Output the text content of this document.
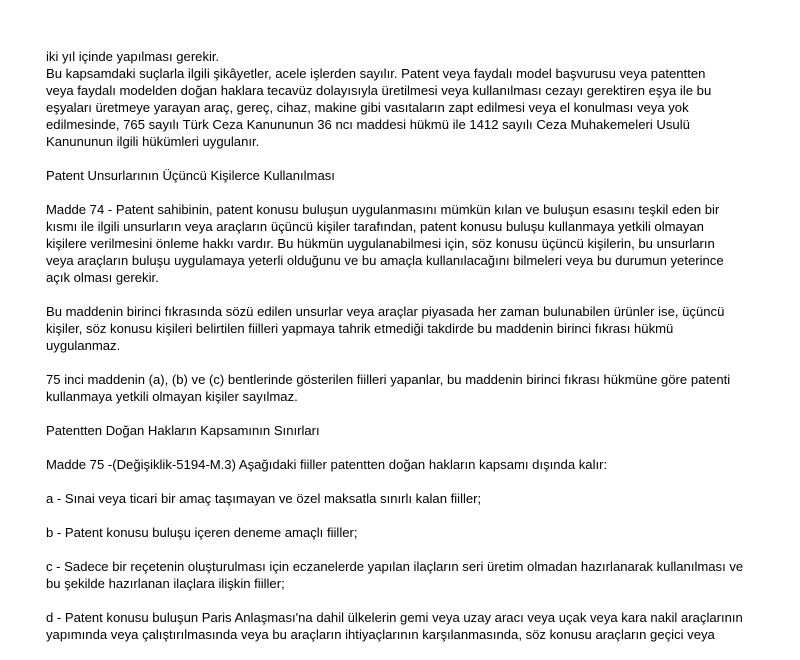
iki yıl içinde yapılması gerekir.
Bu kapsamdaki suçlarla ilgili şikâyetler, acele işlerden sayılır. Patent veya faydalı model başvurusu veya patentten
veya faydalı modelden doğan haklara tecavüz dolayısıyla üretilmesi veya kullanılması cezayı gerektiren eşya ile bu
eşyaları üretmeye yarayan araç, gereç, cihaz, makine gibi vasıtaların zapt edilmesi veya el konulması veya yok
edilmesinde, 765 sayılı Türk Ceza Kanununun 36 ncı maddesi hükmü ile 1412 sayılı Ceza Muhakemeleri Usulü
Kanununun ilgili hükümleri uygulanır.
Patent Unsurlarının Üçüncü Kişilerce Kullanılması
Madde 74 - Patent sahibinin, patent konusu buluşun uygulanmasını mümkün kılan ve buluşun esasını teşkil eden bir
kısmı ile ilgili unsurların veya araçların üçüncü kişiler tarafından, patent konusu buluşu kullanmaya yetkili olmayan
kişilere verilmesini önleme hakkı vardır. Bu hükmün uygulanabilmesi için, söz konusu üçüncü kişilerin, bu unsurların
veya araçların buluşu uygulamaya yeterli olduğunu ve bu amaçla kullanılacağını bilmeleri veya bu durumun yeterince
açık olması gerekir.
Bu maddenin birinci fıkrasında sözü edilen unsurlar veya araçlar piyasada her zaman bulunabilen ürünler ise, üçüncü
kişiler, söz konusu kişileri belirtilen fiilleri yapmaya tahrik etmediği takdirde bu maddenin birinci fıkrası hükmü
uygulanmaz.
75 inci maddenin (a), (b) ve (c) bentlerinde gösterilen fiilleri yapanlar, bu maddenin birinci fıkrası hükmüne göre patenti
kullanmaya yetkili olmayan kişiler sayılmaz.
Patentten Doğan Hakların Kapsamının Sınırları
Madde 75 -(Değişiklik-5194-M.3) Aşağıdaki fiiller patentten doğan hakların kapsamı dışında kalır:
a - Sınai veya ticari bir amaç taşımayan ve özel maksatla sınırlı kalan fiiller;
b - Patent konusu buluşu içeren deneme amaçlı fiiller;
c - Sadece bir reçetenin oluşturulması için eczanelerde yapılan ilaçların seri üretim olmadan hazırlanarak kullanılması ve
bu şekilde hazırlanan ilaçlara ilişkin fiiller;
d - Patent konusu buluşun Paris Anlaşması'na dahil ülkelerin gemi veya uzay aracı veya uçak veya kara nakil araçlarının
yapımında veya çalıştırılmasında veya bu araçların ihtiyaçlarının karşılanmasında, söz konusu araçların geçici veya
